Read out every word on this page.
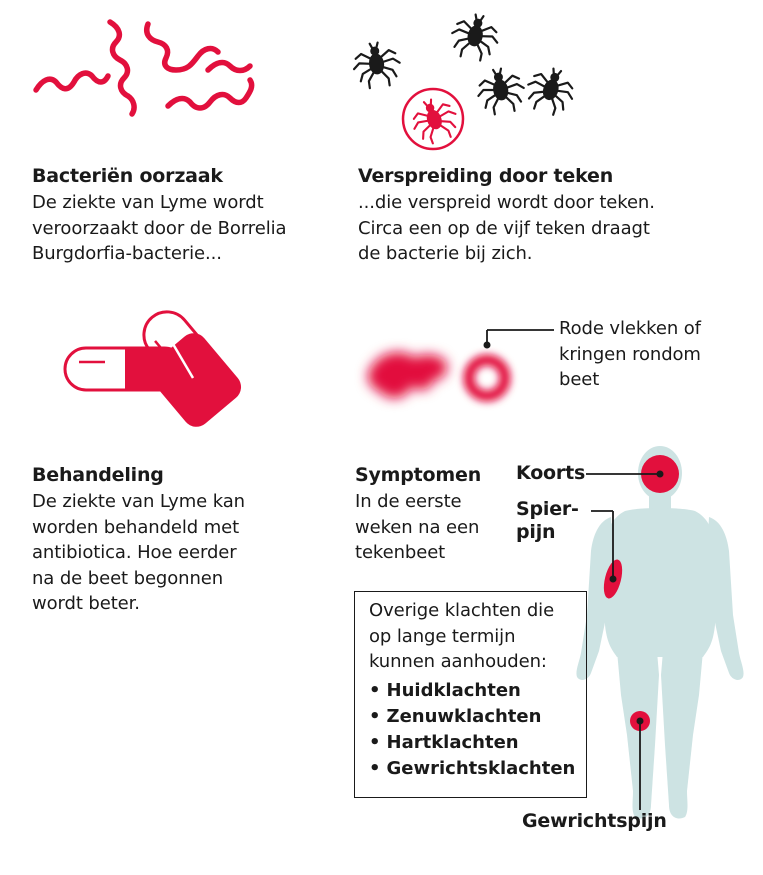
Bacteriën oorzaak
De ziekte van Lyme wordt
veroorzaakt door de Borrelia
Burgdorfia-bacterie...
Verspreiding door teken
...die verspreid wordt door teken.
Circa een op de vijf teken draagt
de bacterie bij zich.
Rode vlekken of
kringen rondom
beet
Behandeling
De ziekte van Lyme kan
worden behandeld met
antibiotica. Hoe eerder
na de beet begonnen
wordt beter.
Koorts
Spier-
pijn
Gewrichtspijn
Symptomen
In de eerste
weken na een
tekenbeet
Overige klachten die
op lange termijn
kunnen aanhouden:
• Huidklachten
• Zenuwklachten
• Hartklachten
• Gewrichtsklachten
